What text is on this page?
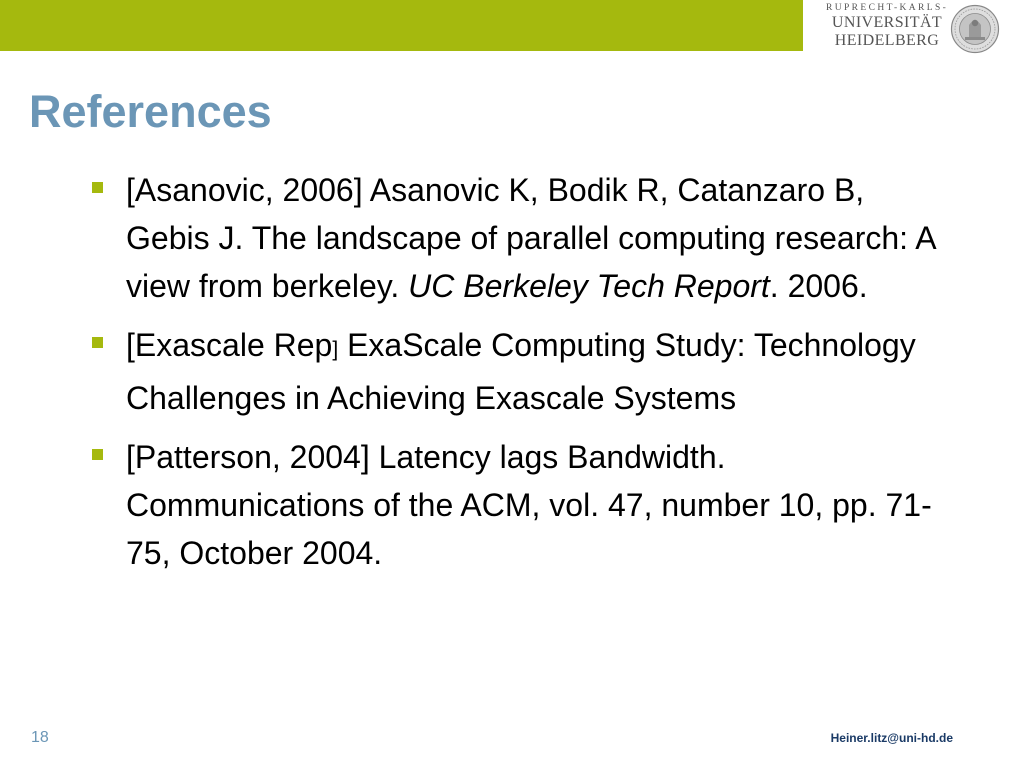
RUPRECHT-KARLS-
UNIVERSITÄT
HEIDELBERG
References
[Asanovic, 2006] Asanovic K, Bodik R, Catanzaro B, Gebis J. The landscape of parallel computing research: A view from berkeley. UC Berkeley Tech Report. 2006.
[Exascale Rep] ExaScale Computing Study: Technology Challenges in Achieving Exascale Systems
[Patterson, 2004] Latency lags Bandwidth. Communications of the ACM, vol. 47, number 10, pp. 71-75, October 2004.
18	Heiner.litz@uni-hd.de
